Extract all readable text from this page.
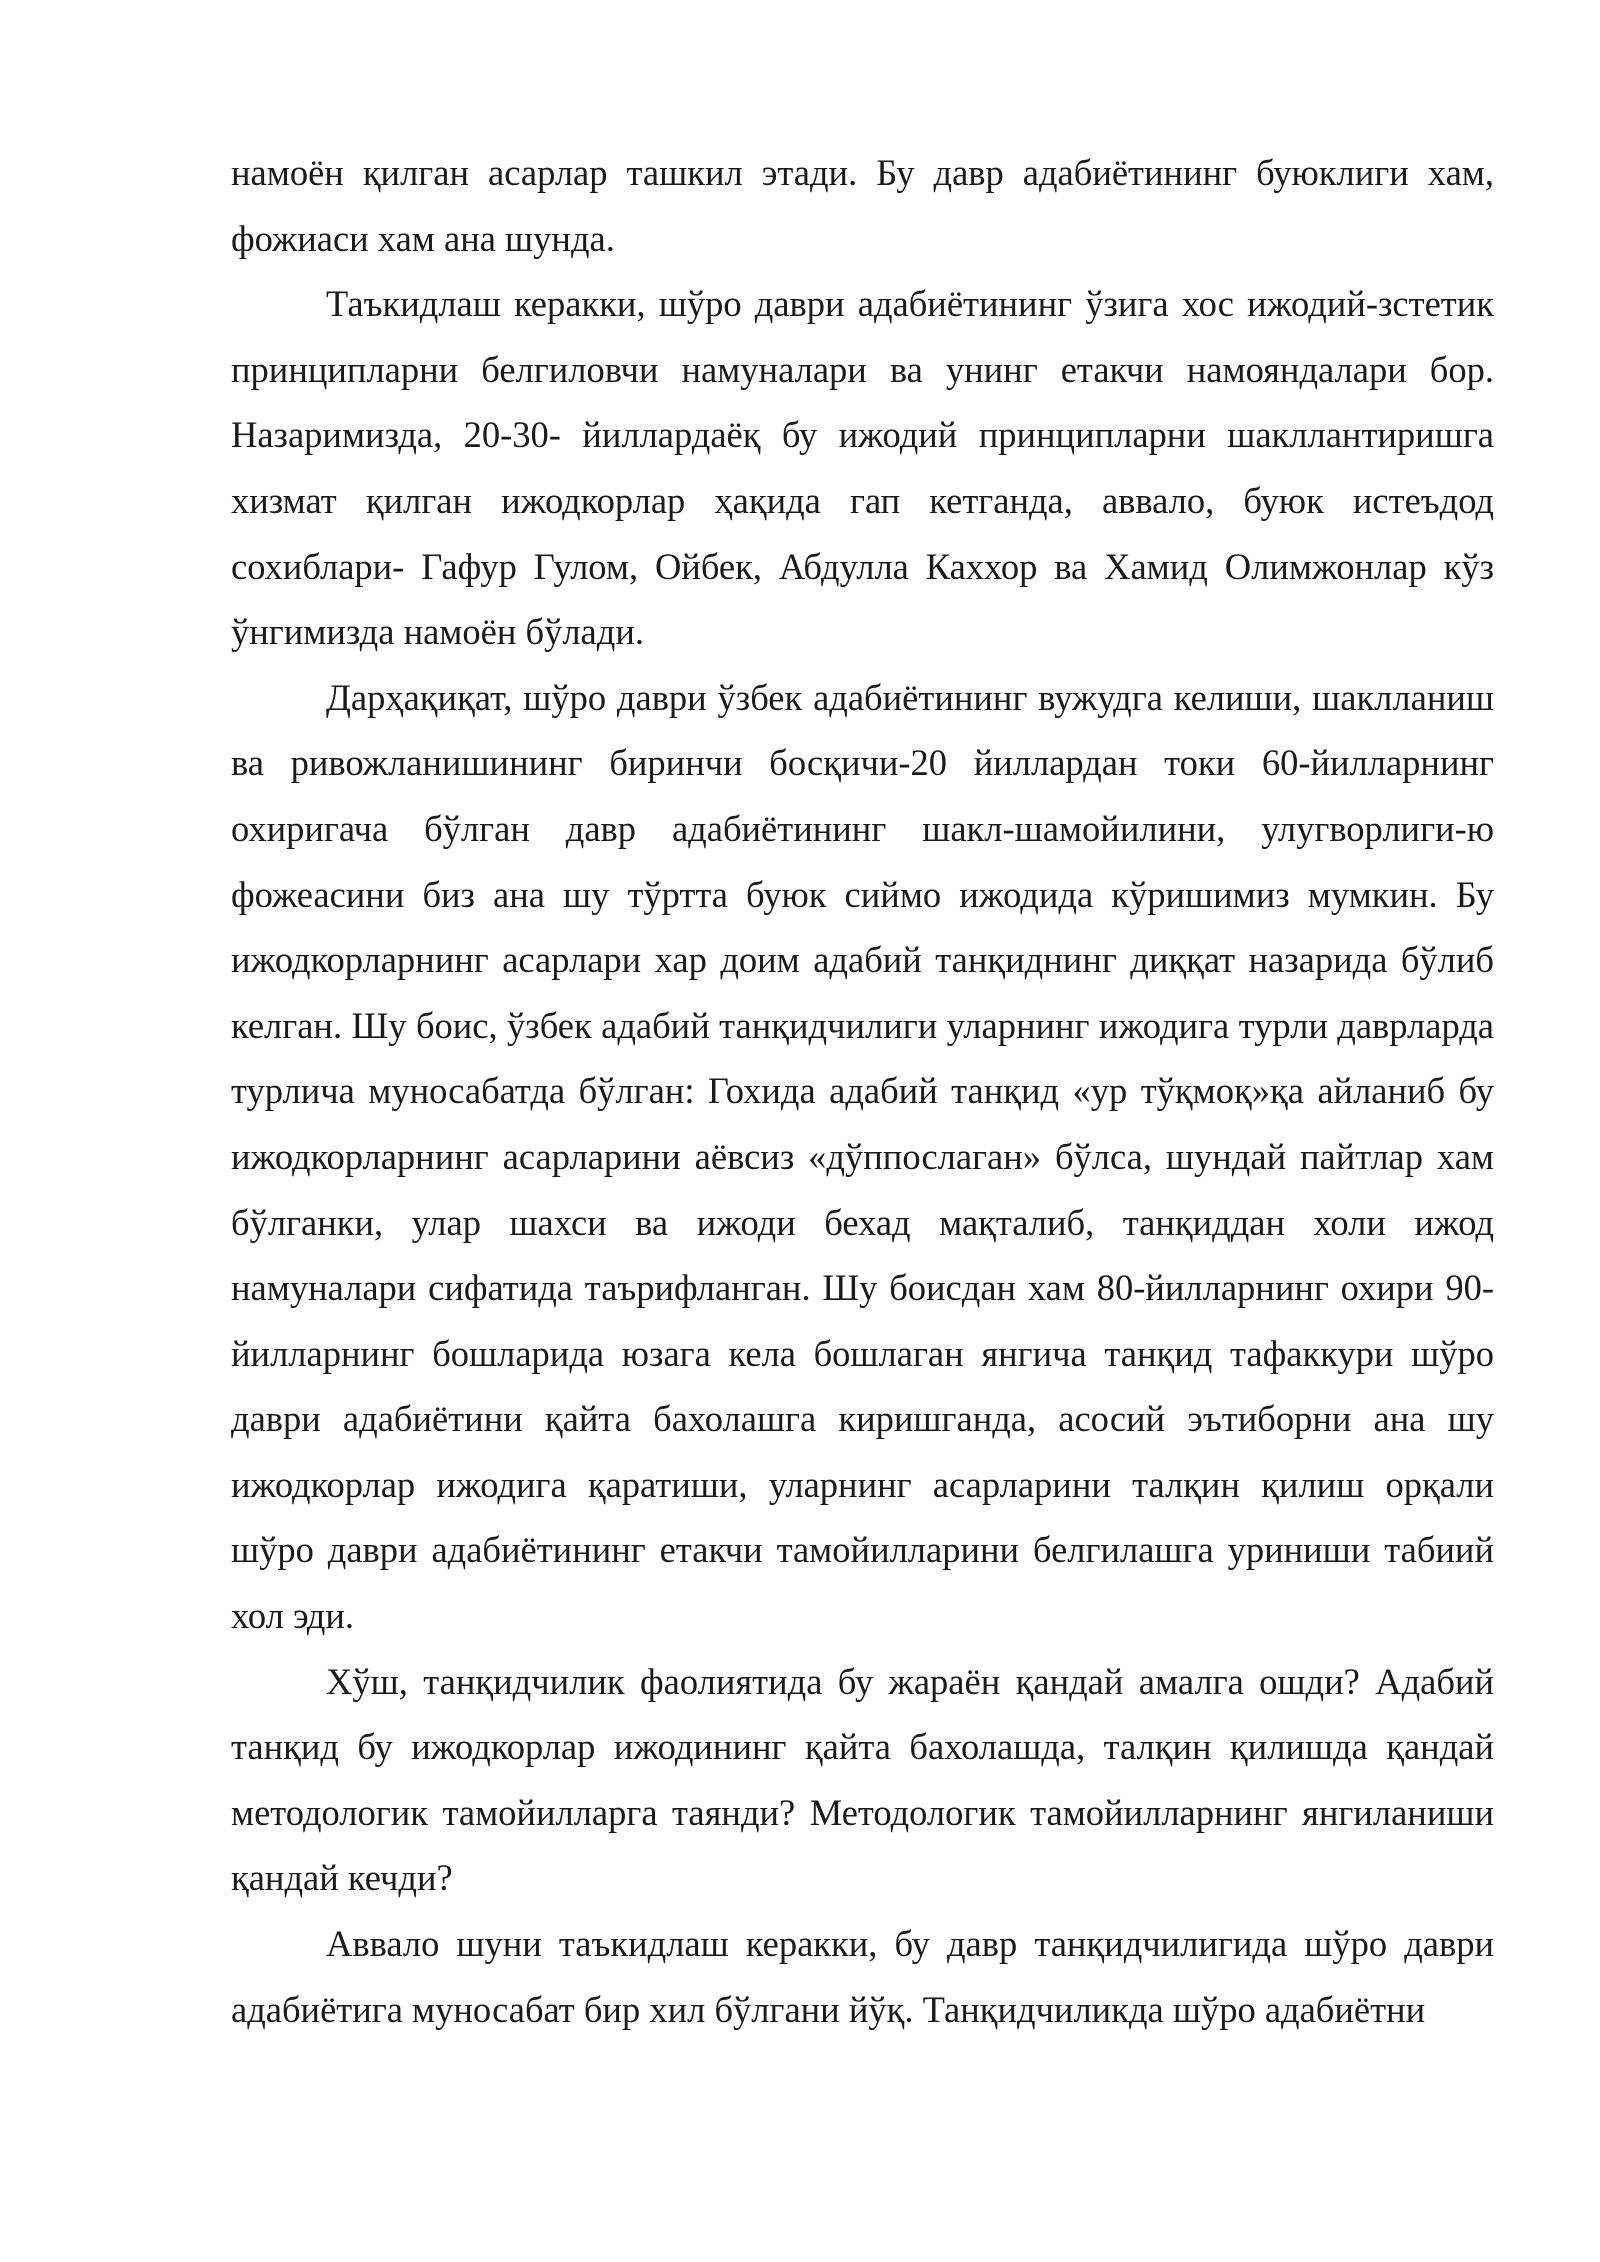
намоён қилган асарлар ташкил этади. Бу давр адабиётининг буюклиги хам, фожиаси хам ана шунда.

Таъкидлаш керакки, шўро даври адабиётининг ўзига хос ижодий-зстетик принципларни белгиловчи намуналари ва унинг етакчи намояндалари бор. Назаримизда, 20-30- йиллардаёқ бу ижодий принципларни шакллантиришга хизмат қилган ижодкорлар ҳақида гап кетганда, аввало, буюк истеъдод сохиблари- Гафур Гулом, Ойбек, Абдулла Каххор ва Хамид Олимжонлар кўз ўнгимизда намоён бўлади.

Дарҳақиқат, шўро даври ўзбек адабиётининг вужудга келиши, шаклланиш ва ривожланишининг биринчи босқичи-20 йиллардан токи 60-йилларнинг охиригача бўлган давр адабиётининг шакл-шамойилини, улугворлиги-ю фожеасини биз ана шу тўртта буюк сиймо ижодида кўришимиз мумкин. Бу ижодкорларнинг асарлари хар доим адабий танқиднинг диққат назарида бўлиб келган. Шу боис, ўзбек адабий танқидчилиги уларнинг ижодига турли даврларда турлича муносабатда бўлган: Гохида адабий танқид «ур тўқмоқ»қа айланиб бу ижодкорларнинг асарларини аёвсиз «дўппослаган» бўлса, шундай пайтлар хам бўлганки, улар шахси ва ижоди бехад мақталиб, танқиддан холи ижод намуналари сифатида таърифланган. Шу боисдан хам 80-йилларнинг охири 90-йилларнинг бошларида юзага кела бошлаган янгича танқид тафаккури шўро даври адабиётини қайта бахолашга киришганда, асосий эътиборни ана шу ижодкорлар ижодига қаратиши, уларнинг асарларини талқин қилиш орқали шўро даври адабиётининг етакчи тамойилларини белгилашга уриниши табиий хол эди.

Хўш, танқидчилик фаолиятида бу жараён қандай амалга ошди? Адабий танқид бу ижодкорлар ижодининг қайта бахолашда, талқин қилишда қандай методологик тамойилларга таянди? Методологик тамойилларнинг янгиланиши қандай кечди?

Аввало шуни таъкидлаш керакки, бу давр танқидчилигида шўро даври адабиётига муносабат бир хил бўлгани йўқ. Танқидчиликда шўро адабиётни
